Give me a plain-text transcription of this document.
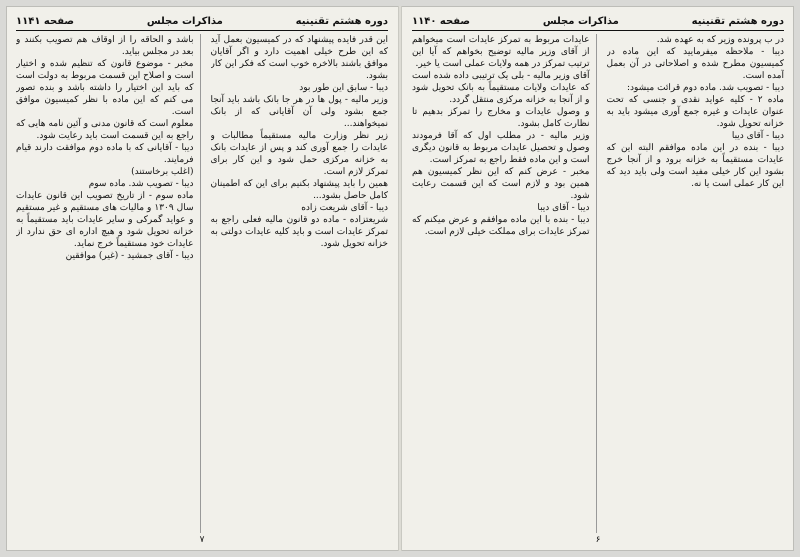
دوره هشتم تقنینیه
مذاکرات مجلس
صفحه ۱۱۴۱
این قدر فایده پیشنهاد که در کمیسیون بعمل آید که این طرح خیلی اهمیت دارد و اگر آقایان موافق باشند بالاخره خوب است که فکر این کار بشود.
دیبا - سابق این طور بود
وزیر مالیه - پول ها در هر جا بانک باشد باید آنجا جمع بشود ولی آن آقایانی که از بانک نمیخواهند...
زیر نظر وزارت مالیه مستقیماً مطالبات و عایدات را جمع آوری کند و پس از عایدات بانک به خزانه مرکزی حمل شود و این کار برای تمرکز لازم است.
همین را باید پیشنهاد بکنیم برای این که اطمینان کامل حاصل بشود...
دیبا - آقای شریعت زاده
شریعتزاده - ماده دو قانون مالیه فعلی راجع به تمرکز عایدات است و باید کلیه عایدات دولتی به خزانه تحویل شود.
باشد و الحاقه را از اوقاف هم تصویب بکنند و بعد در مجلس بیاید.
مخبر - موضوع قانون که تنظیم شده و اختیار است و اصلاح این قسمت مربوط به دولت است که باید این اختیار را داشته باشد و بنده تصور می کنم که این ماده با نظر کمیسیون موافق است.
معلوم است که قانون مدنی و آئین نامه هایی که راجع به این قسمت است باید رعایت شود.
دیبا - آقایانی که با ماده دوم موافقت دارند قیام فرمایند.
(اغلب برخاستند)
دیبا - تصویب شد. ماده سوم
ماده سوم - از تاریخ تصویب این قانون عایدات سال ۱۳۰۹ و مالیات های مستقیم و غیر مستقیم و عواید گمرکی و سایر عایدات باید مستقیماً به خزانه تحویل شود و هیچ اداره ای حق ندارد از عایدات خود مستقیماً خرج نماید.
دیبا - آقای جمشید - (غیر) موافقین
۷
دوره هشتم تقنینیه
مذاکرات مجلس
صفحه ۱۱۴۰
در ب پرونده وزیر که به عهده شد.
دیبا - ملاحظه میفرمایید که این ماده در کمیسیون مطرح شده و اصلاحاتی در آن بعمل آمده است.
دیبا - تصویب شد. ماده دوم قرائت میشود:
ماده ۲ - کلیه عواید نقدی و جنسی که تحت عنوان عایدات و غیره جمع آوری میشود باید به خزانه تحویل شود.
دیبا - آقای دیبا
دیبا - بنده در این ماده موافقم البته این که عایدات مستقیماً به خزانه برود و از آنجا خرج بشود این کار خیلی مفید است ولی باید دید که این کار عملی است یا نه.
عایدات مربوط به تمرکز عایدات است میخواهم از آقای وزیر مالیه توضیح بخواهم که آیا این ترتیب تمرکز در همه ولایات عملی است یا خیر.
آقای وزیر مالیه - بلی یک ترتیبی داده شده است که عایدات ولایات مستقیماً به بانک تحویل شود و از آنجا به خزانه مرکزی منتقل گردد.
و وصول عایدات و مخارج را تمرکز بدهیم تا نظارت کامل بشود.
وزیر مالیه - در مطلب اول که آقا فرمودند وصول و تحصیل عایدات مربوط به قانون دیگری است و این ماده فقط راجع به تمرکز است.
مخبر - عرض کنم که این نظر کمیسیون هم همین بود و لازم است که این قسمت رعایت شود.
دیبا - آقای دیبا
دیبا - بنده با این ماده موافقم و عرض میکنم که تمرکز عایدات برای مملکت خیلی لازم است.
۶
